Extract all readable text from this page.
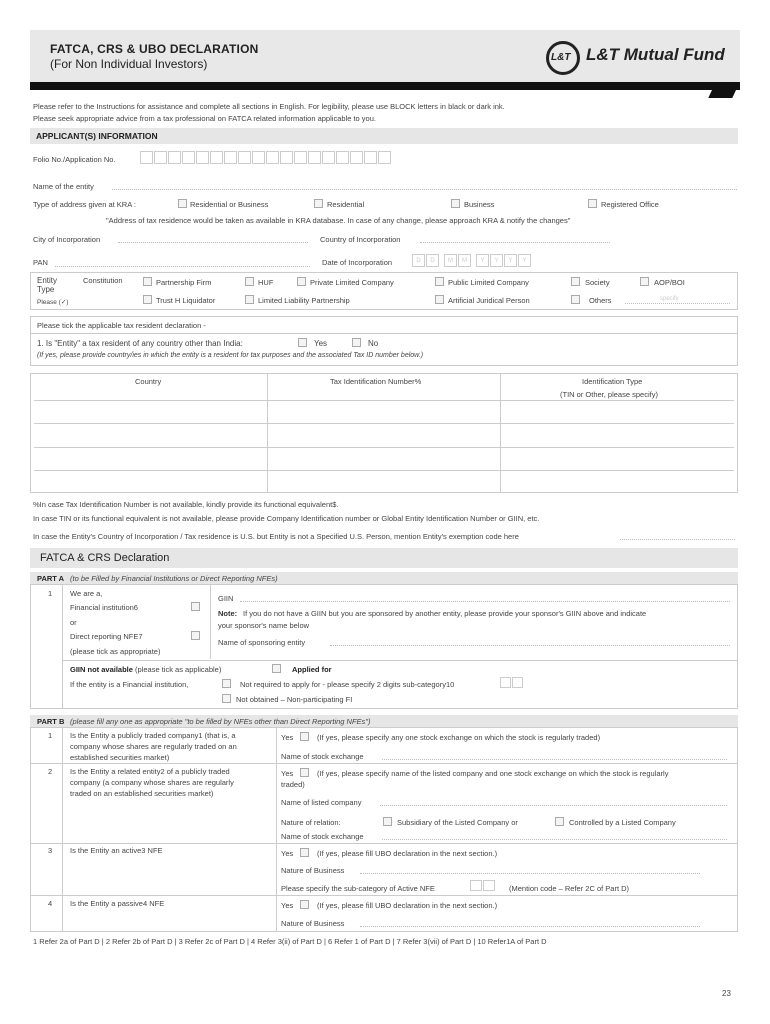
FATCA, CRS & UBO DECLARATION
(For Non Individual Investors)	L&T L&T Mutual Fund
Please refer to the Instructions for assistance and complete all sections in English. For legibility, please use BLOCK letters in black or dark ink.
Please seek appropriate advice from a tax professional on FATCA related information applicable to you.
APPLICANT(S) INFORMATION
Folio No./Application No.
Name of the entity
Type of address given at KRA :	Residential or Business	Residential	Business	Registered Office
"Address of tax residence would be taken as available in KRA database. In case of any change, please approach KRA & notify the changes"
City of Incorporation	Country of Incorporation
PAN	Date of Incorporation	D D M M Y Y Y Y
Entity
Type
Please (✓)
Constitution	Partnership Firm	HUF	Private Limited Company	Public Limited Company	Society	AOP/BOI
Trust H Liquidator	Limited Liability Partnership	Artificial Juridical Person	Others	specify
Please tick the applicable tax resident declaration -
1. Is "Entity" a tax resident of any country other than India:	Yes	No
(If yes, please provide country/ies in which the entity is a resident for tax purposes and the associated Tax ID number below.)
Country	Tax Identification Number%	Identification Type
(TIN or Other, please specify)
%In case Tax Identification Number is not available, kindly provide its functional equivalent$.
In case TIN or its functional equivalent is not available, please provide Company Identification number or Global Entity Identification Number or GIIN, etc.
In case the Entity's Country of Incorporation / Tax residence is U.S. but Entity is not a Specified U.S. Person, mention Entity's exemption code here
FATCA & CRS Declaration
PART A (to be Filled by Financial Institutions or Direct Reporting NFEs)
1 We are a,
Financial institution6
or
Direct reporting NFE7
(please tick as appropriate)
GIIN
Note: If you do not have a GIIN but you are sponsored by another entity, please provide your sponsor's GIIN above and indicate
your sponsor's name below
Name of sponsoring entity
GIIN not available (please tick as applicable)	Applied for
If the entity is a Financial institution,	Not required to apply for - please specify 2 digits sub-category10
Not obtained – Non-participating FI
PART B (please fill any one as appropriate "to be filled by NFEs other than Direct Reporting NFEs")
1 Is the Entity a publicly traded company1 (that is, a
company whose shares are regularly traded on an
established securities market)
Yes	(If yes, please specify any one stock exchange on which the stock is regularly traded)
Name of stock exchange
2 Is the Entity a related entity2 of a publicly traded
company (a company whose shares are regularly
traded on an established securities market)
Yes	(If yes, please specify name of the listed company and one stock exchange on which the stock is regularly
traded)
Name of listed company
Nature of relation:	Subsidiary of the Listed Company or	Controlled by a Listed Company
Name of stock exchange
3 Is the Entity an active3 NFE	Yes	(If yes, please fill UBO declaration in the next section.)
Nature of Business
Please specify the sub-category of Active NFE	(Mention code – Refer 2C of Part D)
4 Is the Entity a passive4 NFE	Yes	(If yes, please fill UBO declaration in the next section.)
Nature of Business
1 Refer 2a of Part D | 2 Refer 2b of Part D | 3 Refer 2c of Part D | 4 Refer 3(ii) of Part D | 6 Refer 1 of Part D | 7 Refer 3(vii) of Part D | 10 Refer1A of Part D
23
